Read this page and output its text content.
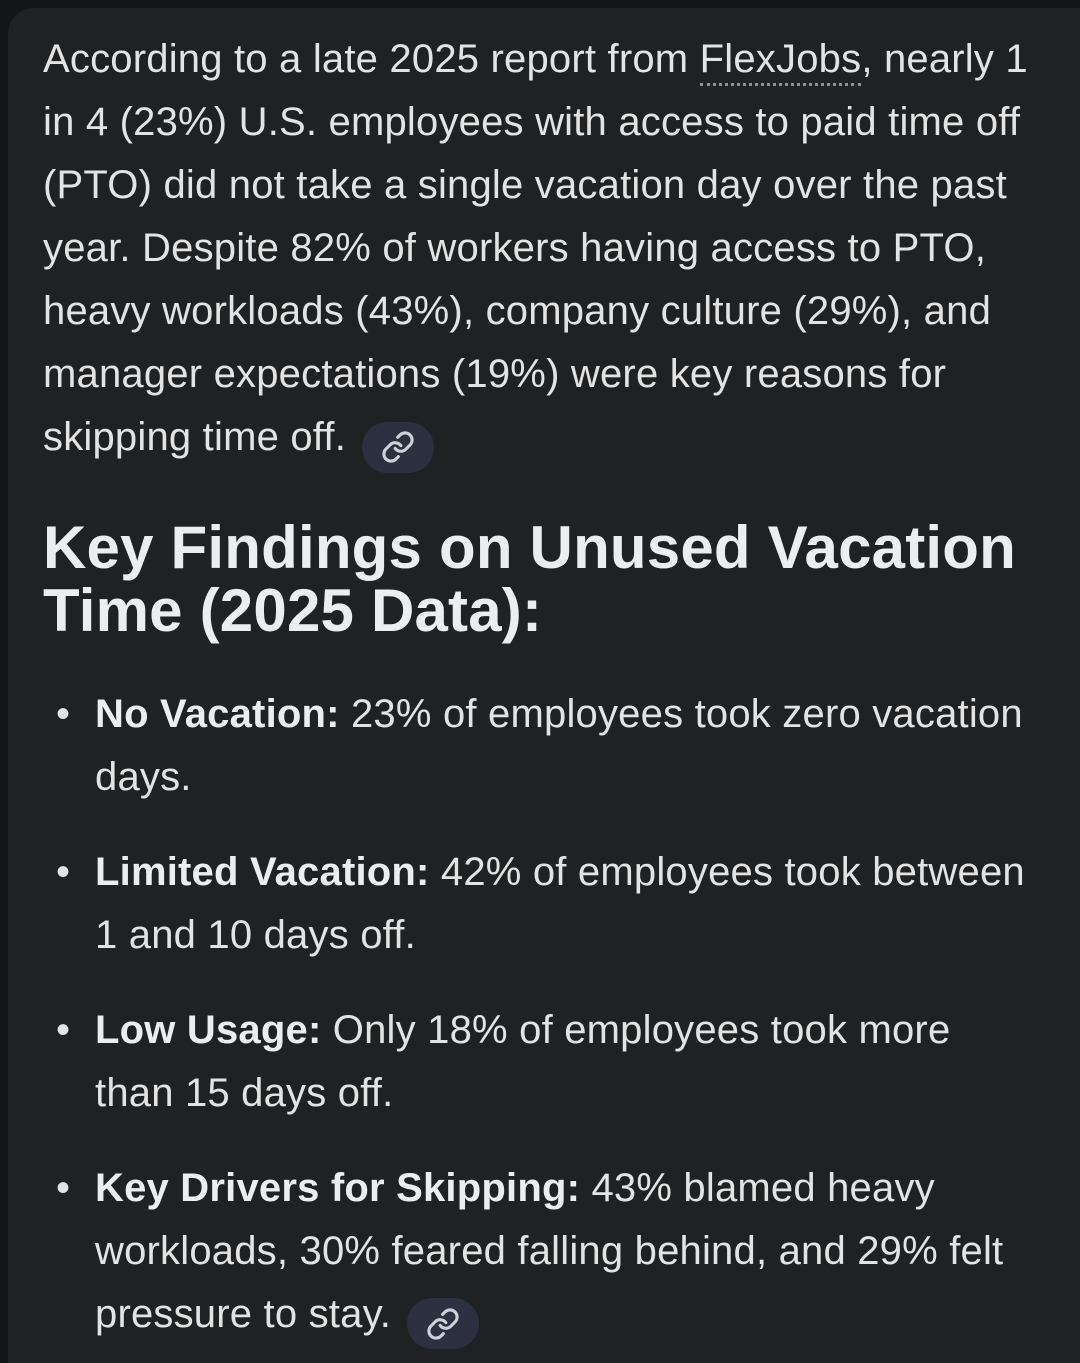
According to a late 2025 report from FlexJobs, nearly 1 in 4 (23%) U.S. employees with access to paid time off (PTO) did not take a single vacation day over the past year. Despite 82% of workers having access to PTO, heavy workloads (43%), company culture (29%), and manager expectations (19%) were key reasons for skipping time off.

Key Findings on Unused Vacation Time (2025 Data):
• No Vacation: 23% of employees took zero vacation days.
• Limited Vacation: 42% of employees took between 1 and 10 days off.
• Low Usage: Only 18% of employees took more than 15 days off.
• Key Drivers for Skipping: 43% blamed heavy workloads, 30% feared falling behind, and 29% felt pressure to stay.
